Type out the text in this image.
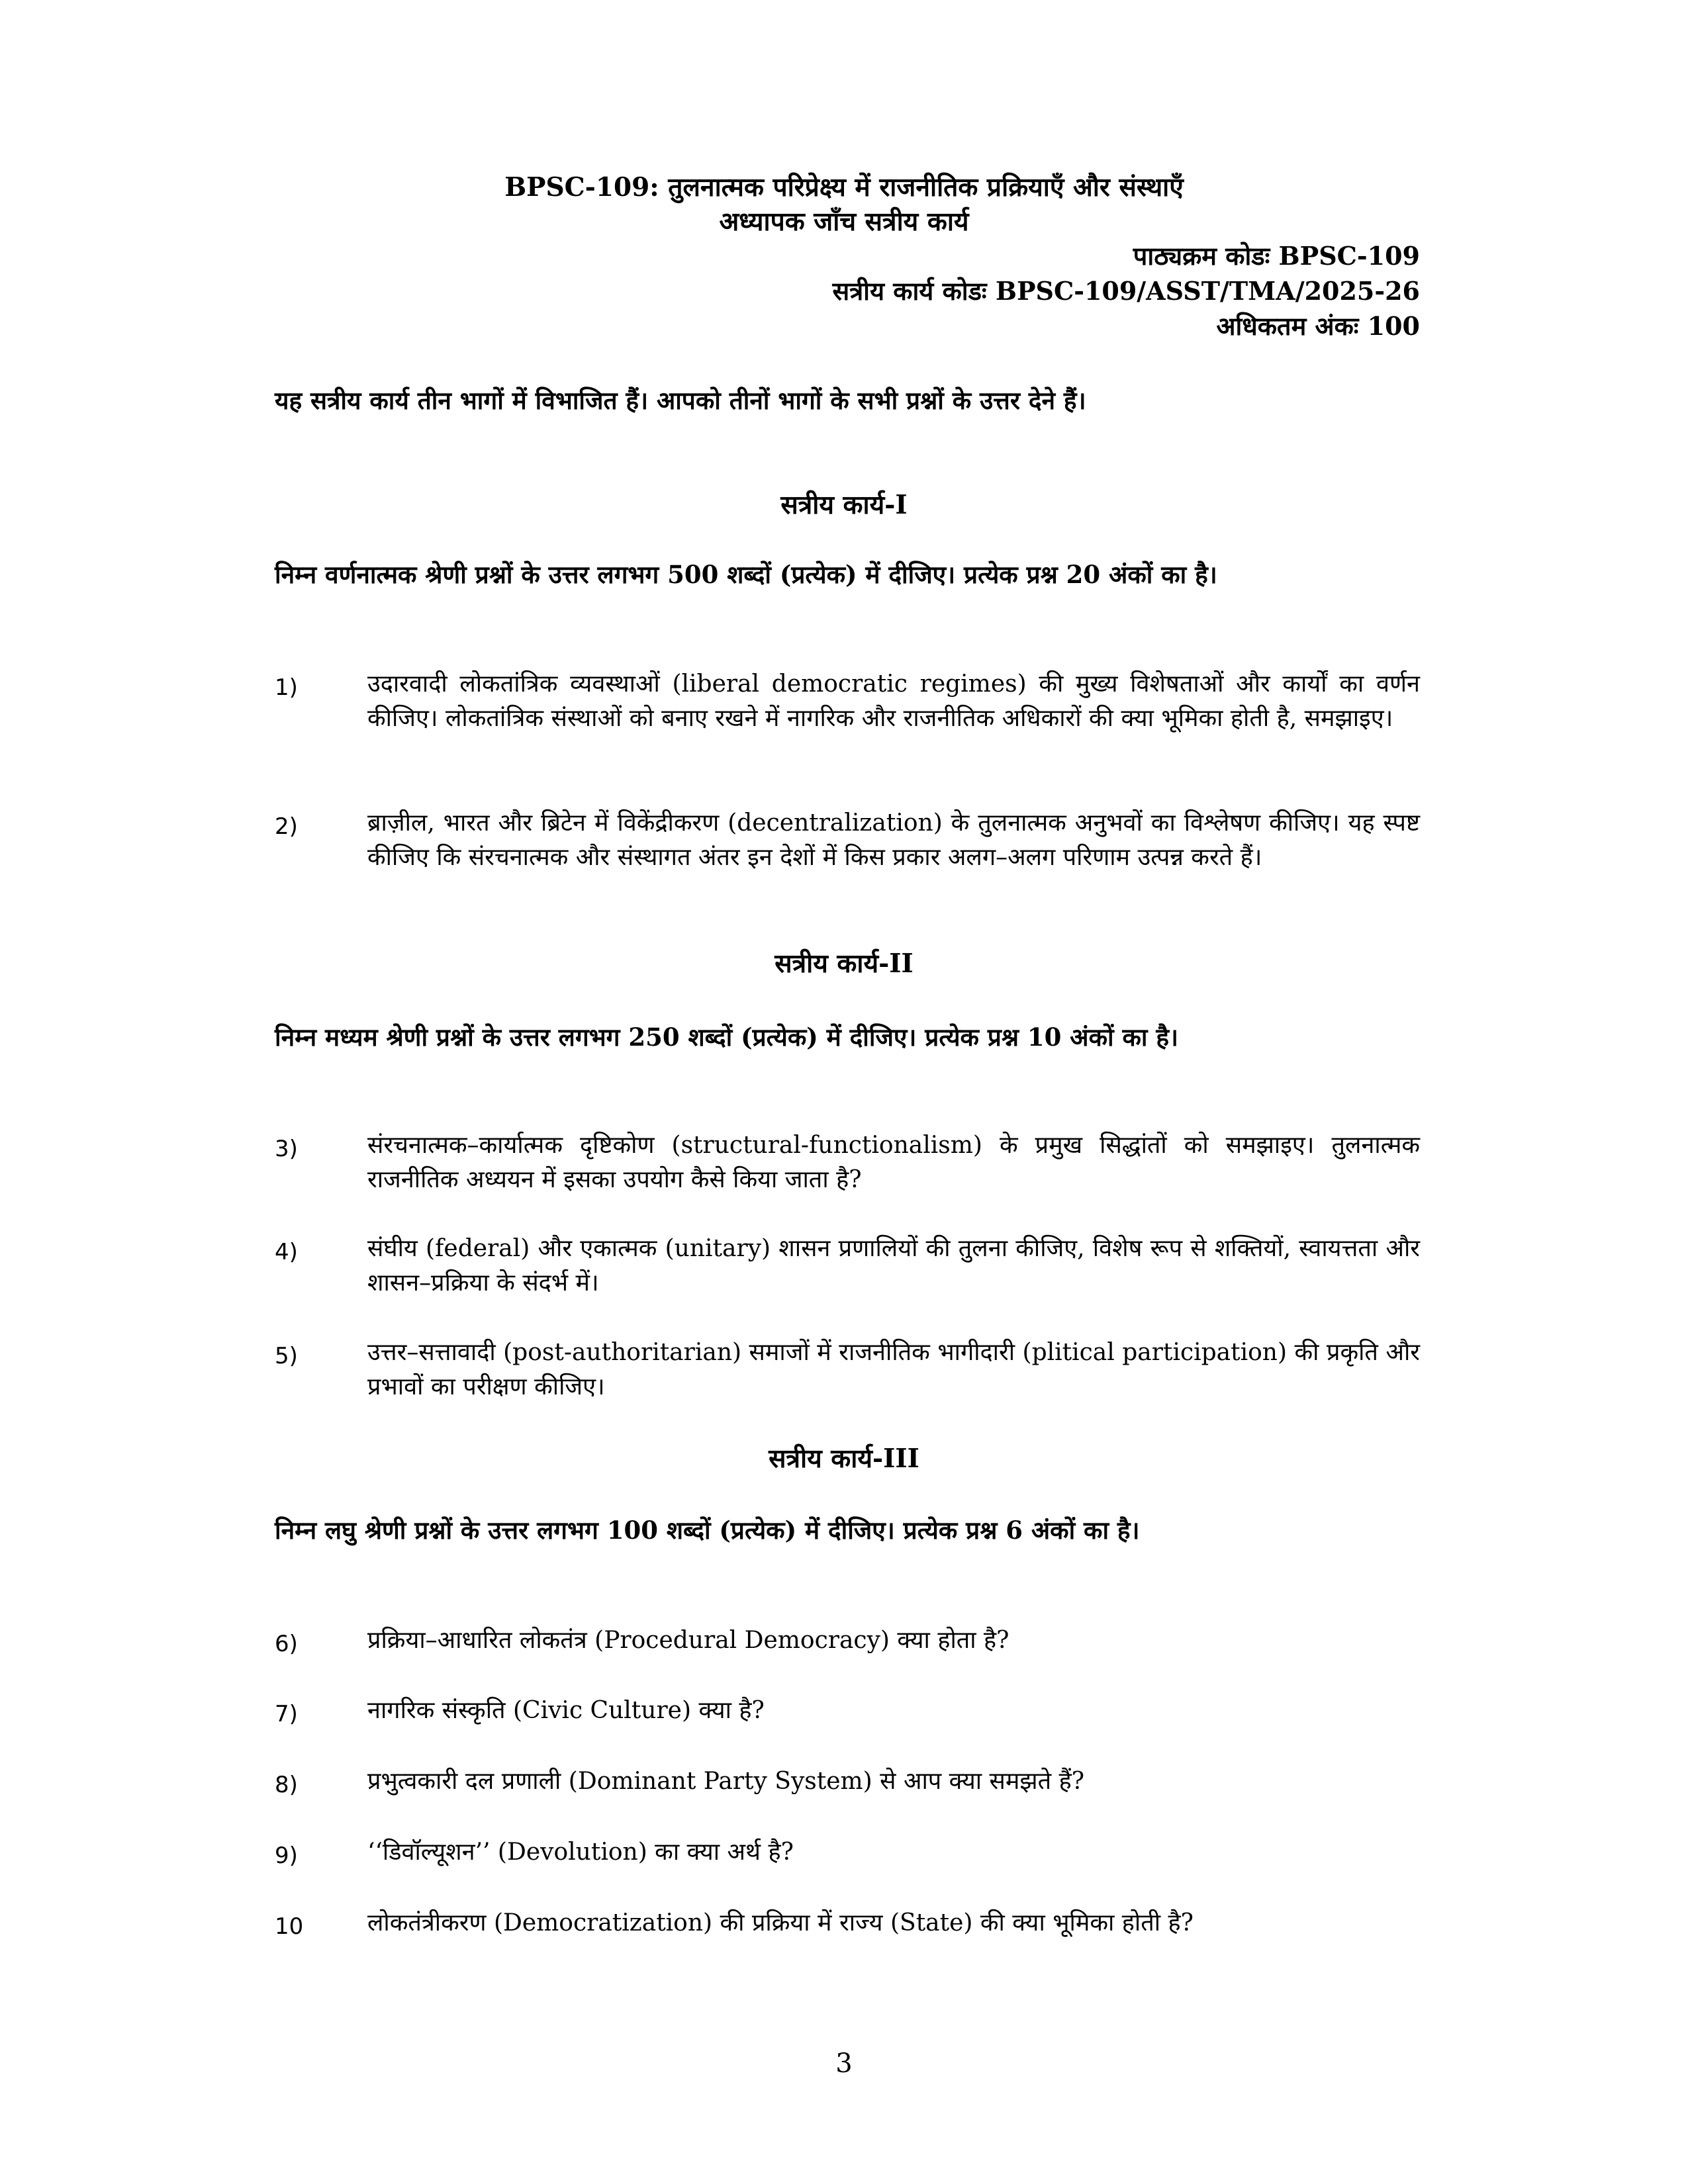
BPSC-109: तुलनात्मक परिप्रेक्ष्य में राजनीतिक प्रक्रियाएँ और संस्थाएँ
अध्यापक जाँच सत्रीय कार्य
पाठ्यक्रम कोडः BPSC-109
सत्रीय कार्य कोडः BPSC-109/ASST/TMA/2025-26
अधिकतम अंकः 100
यह सत्रीय कार्य तीन भागों में विभाजित हैं। आपको तीनों भागों के सभी प्रश्नों के उत्तर देने हैं।
सत्रीय कार्य-I
निम्न वर्णनात्मक श्रेणी प्रश्नों के उत्तर लगभग 500 शब्दों (प्रत्येक) में दीजिए। प्रत्येक प्रश्न 20 अंकों का है।
1)	उदारवादी लोकतांत्रिक व्यवस्थाओं (liberal democratic regimes) की मुख्य विशेषताओं और कार्यों का वर्णन कीजिए। लोकतांत्रिक संस्थाओं को बनाए रखने में नागरिक और राजनीतिक अधिकारों की क्या भूमिका होती है, समझाइए।
2)	ब्राज़ील, भारत और ब्रिटेन में विकेंद्रीकरण (decentralization) के तुलनात्मक अनुभवों का विश्लेषण कीजिए। यह स्पष्ट कीजिए कि संरचनात्मक और संस्थागत अंतर इन देशों में किस प्रकार अलग–अलग परिणाम उत्पन्न करते हैं।
सत्रीय कार्य-II
निम्न मध्यम श्रेणी प्रश्नों के उत्तर लगभग 250 शब्दों (प्रत्येक) में दीजिए। प्रत्येक प्रश्न 10 अंकों का है।
3)	संरचनात्मक–कार्यात्मक दृष्टिकोण (structural-functionalism) के प्रमुख सिद्धांतों को समझाइए। तुलनात्मक राजनीतिक अध्ययन में इसका उपयोग कैसे किया जाता है?
4)	संघीय (federal) और एकात्मक (unitary) शासन प्रणालियों की तुलना कीजिए, विशेष रूप से शक्तियों, स्वायत्तता और शासन–प्रक्रिया के संदर्भ में।
5)	उत्तर–सत्तावादी (post-authoritarian) समाजों में राजनीतिक भागीदारी (plitical participation) की प्रकृति और प्रभावों का परीक्षण कीजिए।
सत्रीय कार्य-III
निम्न लघु श्रेणी प्रश्नों के उत्तर लगभग 100 शब्दों (प्रत्येक) में दीजिए। प्रत्येक प्रश्न 6 अंकों का है।
6)	प्रक्रिया–आधारित लोकतंत्र (Procedural Democracy) क्या होता है?
7)	नागरिक संस्कृति (Civic Culture) क्या है?
8)	प्रभुत्वकारी दल प्रणाली (Dominant Party System) से आप क्या समझते हैं?
9)	‘‘डिवॉल्यूशन’’ (Devolution) का क्या अर्थ है?
10	लोकतंत्रीकरण (Democratization) की प्रक्रिया में राज्य (State) की क्या भूमिका होती है?
3
